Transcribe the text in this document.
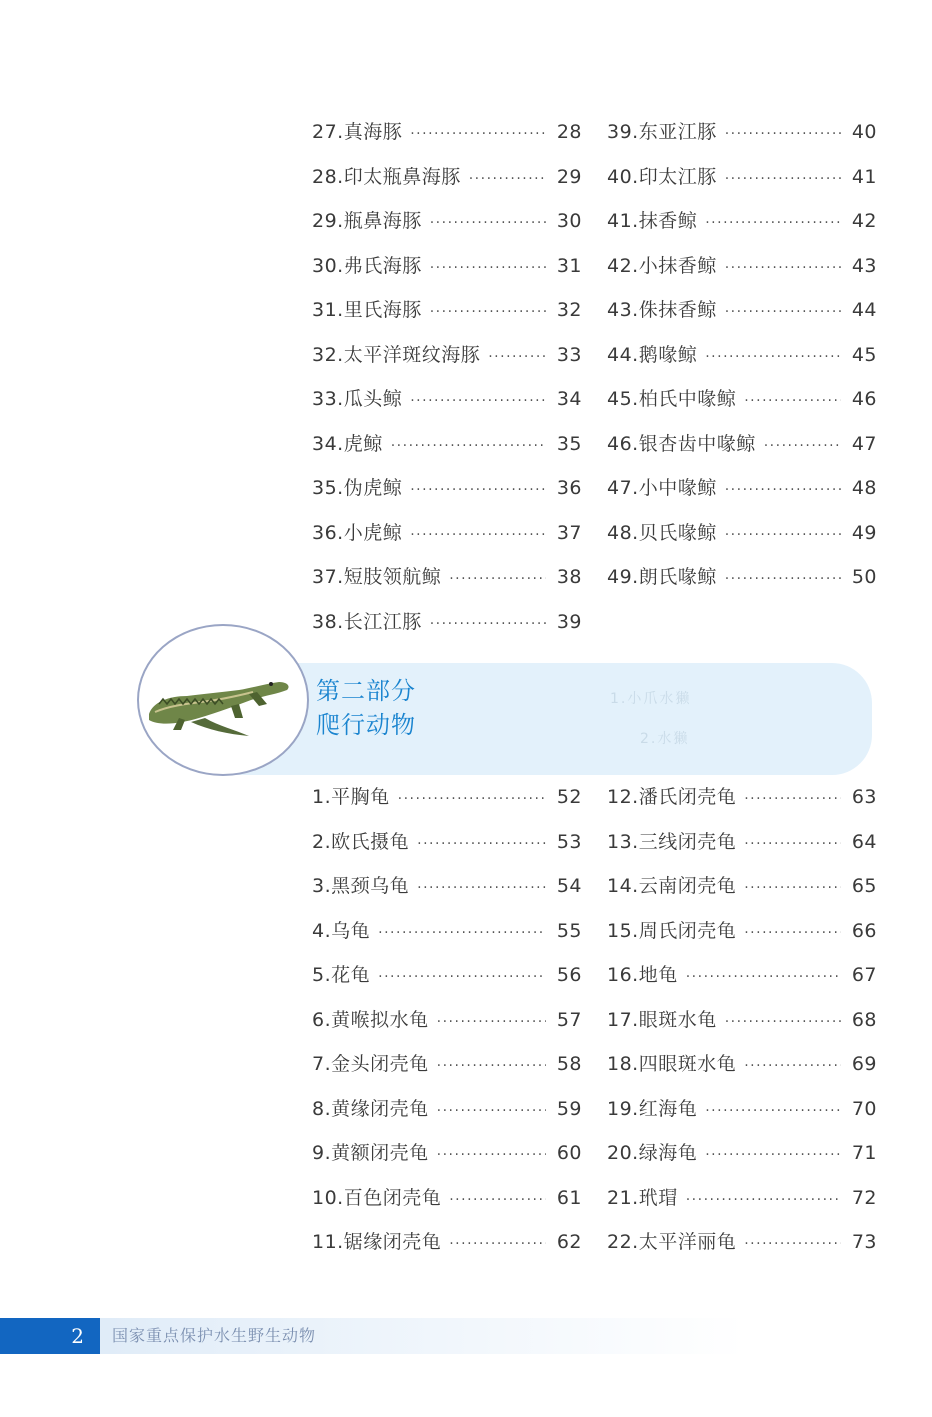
27.真海豚 ·····	28
28.印太瓶鼻海豚 ·····	29
29.瓶鼻海豚 ·····	30
30.弗氏海豚 ·····	31
31.里氏海豚 ·····	32
32.太平洋斑纹海豚 ·····	33
33.瓜头鲸 ·····	34
34.虎鲸 ·····	35
35.伪虎鲸 ·····	36
36.小虎鲸 ·····	37
37.短肢领航鲸 ·····	38
38.长江江豚 ·····	39
39.东亚江豚 ·····	40
40.印太江豚 ·····	41
41.抹香鲸 ·····	42
42.小抹香鲸 ·····	43
43.侏抹香鲸 ·····	44
44.鹅喙鲸 ·····	45
45.柏氏中喙鲸 ·····	46
46.银杏齿中喙鲸 ·····	47
47.小中喙鲸 ·····	48
48.贝氏喙鲸 ·····	49
49.朗氏喙鲸 ·····	50
1.小爪水獭
2.水獭
第二部分
爬行动物
1.平胸龟 ·····	52
2.欧氏摄龟 ·····	53
3.黑颈乌龟 ·····	54
4.乌龟 ·····	55
5.花龟 ·····	56
6.黄喉拟水龟 ·····	57
7.金头闭壳龟 ·····	58
8.黄缘闭壳龟 ·····	59
9.黄额闭壳龟 ·····	60
10.百色闭壳龟 ·····	61
11.锯缘闭壳龟 ·····	62
12.潘氏闭壳龟 ·····	63
13.三线闭壳龟 ·····	64
14.云南闭壳龟 ·····	65
15.周氏闭壳龟 ·····	66
16.地龟 ·····	67
17.眼斑水龟 ·····	68
18.四眼斑水龟 ·····	69
19.红海龟 ·····	70
20.绿海龟 ·····	71
21.玳瑁 ·····	72
22.太平洋丽龟 ·····	73
2	国家重点保护水生野生动物
